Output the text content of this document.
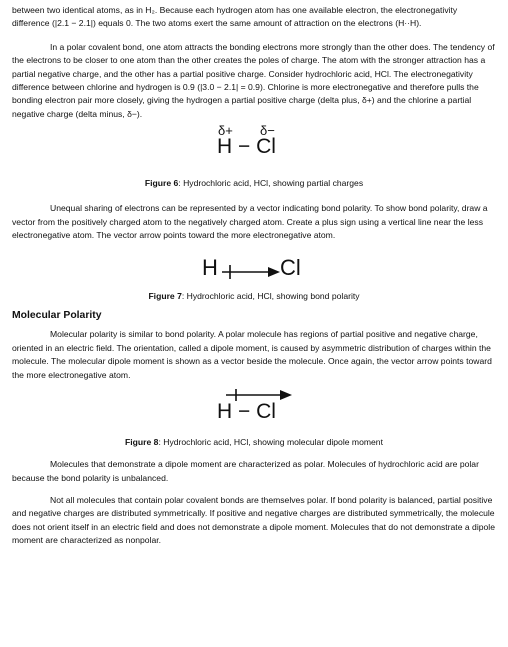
between two identical atoms, as in H₂. Because each hydrogen atom has one available electron, the electronegativity difference (|2.1 − 2.1|) equals 0. The two atoms exert the same amount of attraction on the electrons (H··H).

In a polar covalent bond, one atom attracts the bonding electrons more strongly than the other does. The tendency of the electrons to be closer to one atom than the other creates the poles of charge. The atom with the stronger attraction has a partial negative charge, and the other has a partial positive charge. Consider hydrochloric acid, HCl. The electronegativity difference between chlorine and hydrogen is 0.9 (|3.0 − 2.1| = 0.9). Chlorine is more electronegative and therefore pulls the bonding electron pair more closely, giving the hydrogen a partial positive charge (delta plus, δ+) and the chlorine a partial negative charge (delta minus, δ−).

δ+ δ−
H − Cl

Figure 6: Hydrochloric acid, HCl, showing partial charges

Unequal sharing of electrons can be represented by a vector indicating bond polarity. To show bond polarity, draw a vector from the positively charged atom to the negatively charged atom. Create a plus sign using a vertical line near the less electronegative atom. The vector arrow points toward the more electronegative atom.

H	Cl

Figure 7: Hydrochloric acid, HCl, showing bond polarity

Molecular Polarity

Molecular polarity is similar to bond polarity. A polar molecule has regions of partial positive and negative charge, oriented in an electric field. The orientation, called a dipole moment, is caused by asymmetric distribution of charges within the molecule. The molecular dipole moment is shown as a vector beside the molecule. Once again, the vector arrow points toward the more electronegative atom.

H − Cl

Figure 8: Hydrochloric acid, HCl, showing molecular dipole moment

Molecules that demonstrate a dipole moment are characterized as polar. Molecules of hydrochloric acid are polar because the bond polarity is unbalanced.

Not all molecules that contain polar covalent bonds are themselves polar. If bond polarity is balanced, partial positive and negative charges are distributed symmetrically. If positive and negative charges are distributed symmetrically, the molecule does not orient itself in an electric field and does not demonstrate a dipole moment. Molecules that do not demonstrate a dipole moment are characterized as nonpolar.
